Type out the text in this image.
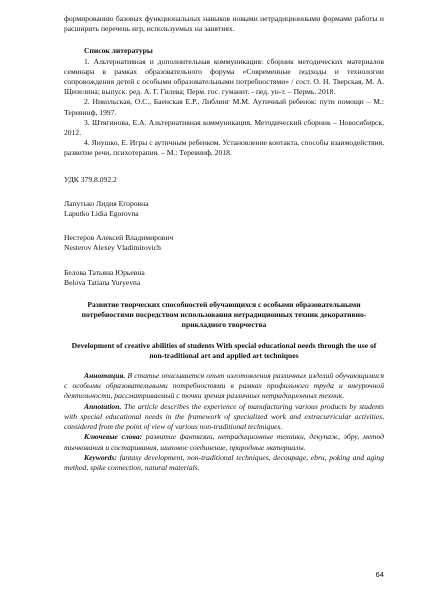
формированию базовых функциональных навыков новыми нетрадиционными формами работы и расширить перечень игр, используемых на занятиях.

Список литературы

1. Альтернативная и дополнительная коммуникация: сборник методических материалов семинара в рамках образовательного форума «Современные подходы и технологии сопровождения детей с особыми образовательными потребностями» / сост. О. Н. Тверская, М. А. Щепелина; выпуск. ред. А. Г. Гилева; Перм. гос. гуманит. - пед. ун-т. – Пермь. 2018.

2. Никольская, О.С., Баенская Е.Р., Либлинг М.М. Аутичный ребенок: пути помощи – М.: Теревинф, 1997.

3. Штягинова, Е.А. Альтернативная коммуникация. Методический сборник – Новосибирск, 2012.

4. Янушко, Е. Игры с аутичным ребенком. Установление контакта, способы взаимодействия, развитие речи, психотерапия. – М.: Теревинф, 2018.

УДК 379.8.092.2

Лапутько Лидия Егоровна

Laputko Lidia Egorovna

Нестеров Алексей Владимирович

Nesterov Alexey Vladimirovich

Белова Татьяна Юрьевна

Belova Tatiana Yuryevna

Развитие творческих способностей обучающихся с особыми образовательными потребностями посредством использования нетрадиционных техник декоративно-прикладного творчества

Development of creative abilities of students With special educational needs through the use of non-traditional art and applied art techniques

Аннотация. В статье описывается опыт изготовления различных изделий обучающимися с особыми образовательными потребностями в рамках профильного труда и внеурочной деятельности, рассматриваемый с точки зрения различных нетрадиционных техник.

Annotation. The article describes the experience of manufacturing various products by students with special educational needs in the framework of specialized work and extracurricular activities, considered from the point of view of various non-traditional techniques.

Ключевые слова: развитие фантазии, нетрадиционные техники, декупаж, эбру, метод тычкования и состаривания, шиповое соединение, природные материалы.

Keywords: fantasy development, non-traditional techniques, decoupage, ebru, poking and aging method, spike connection, natural materials.

64
